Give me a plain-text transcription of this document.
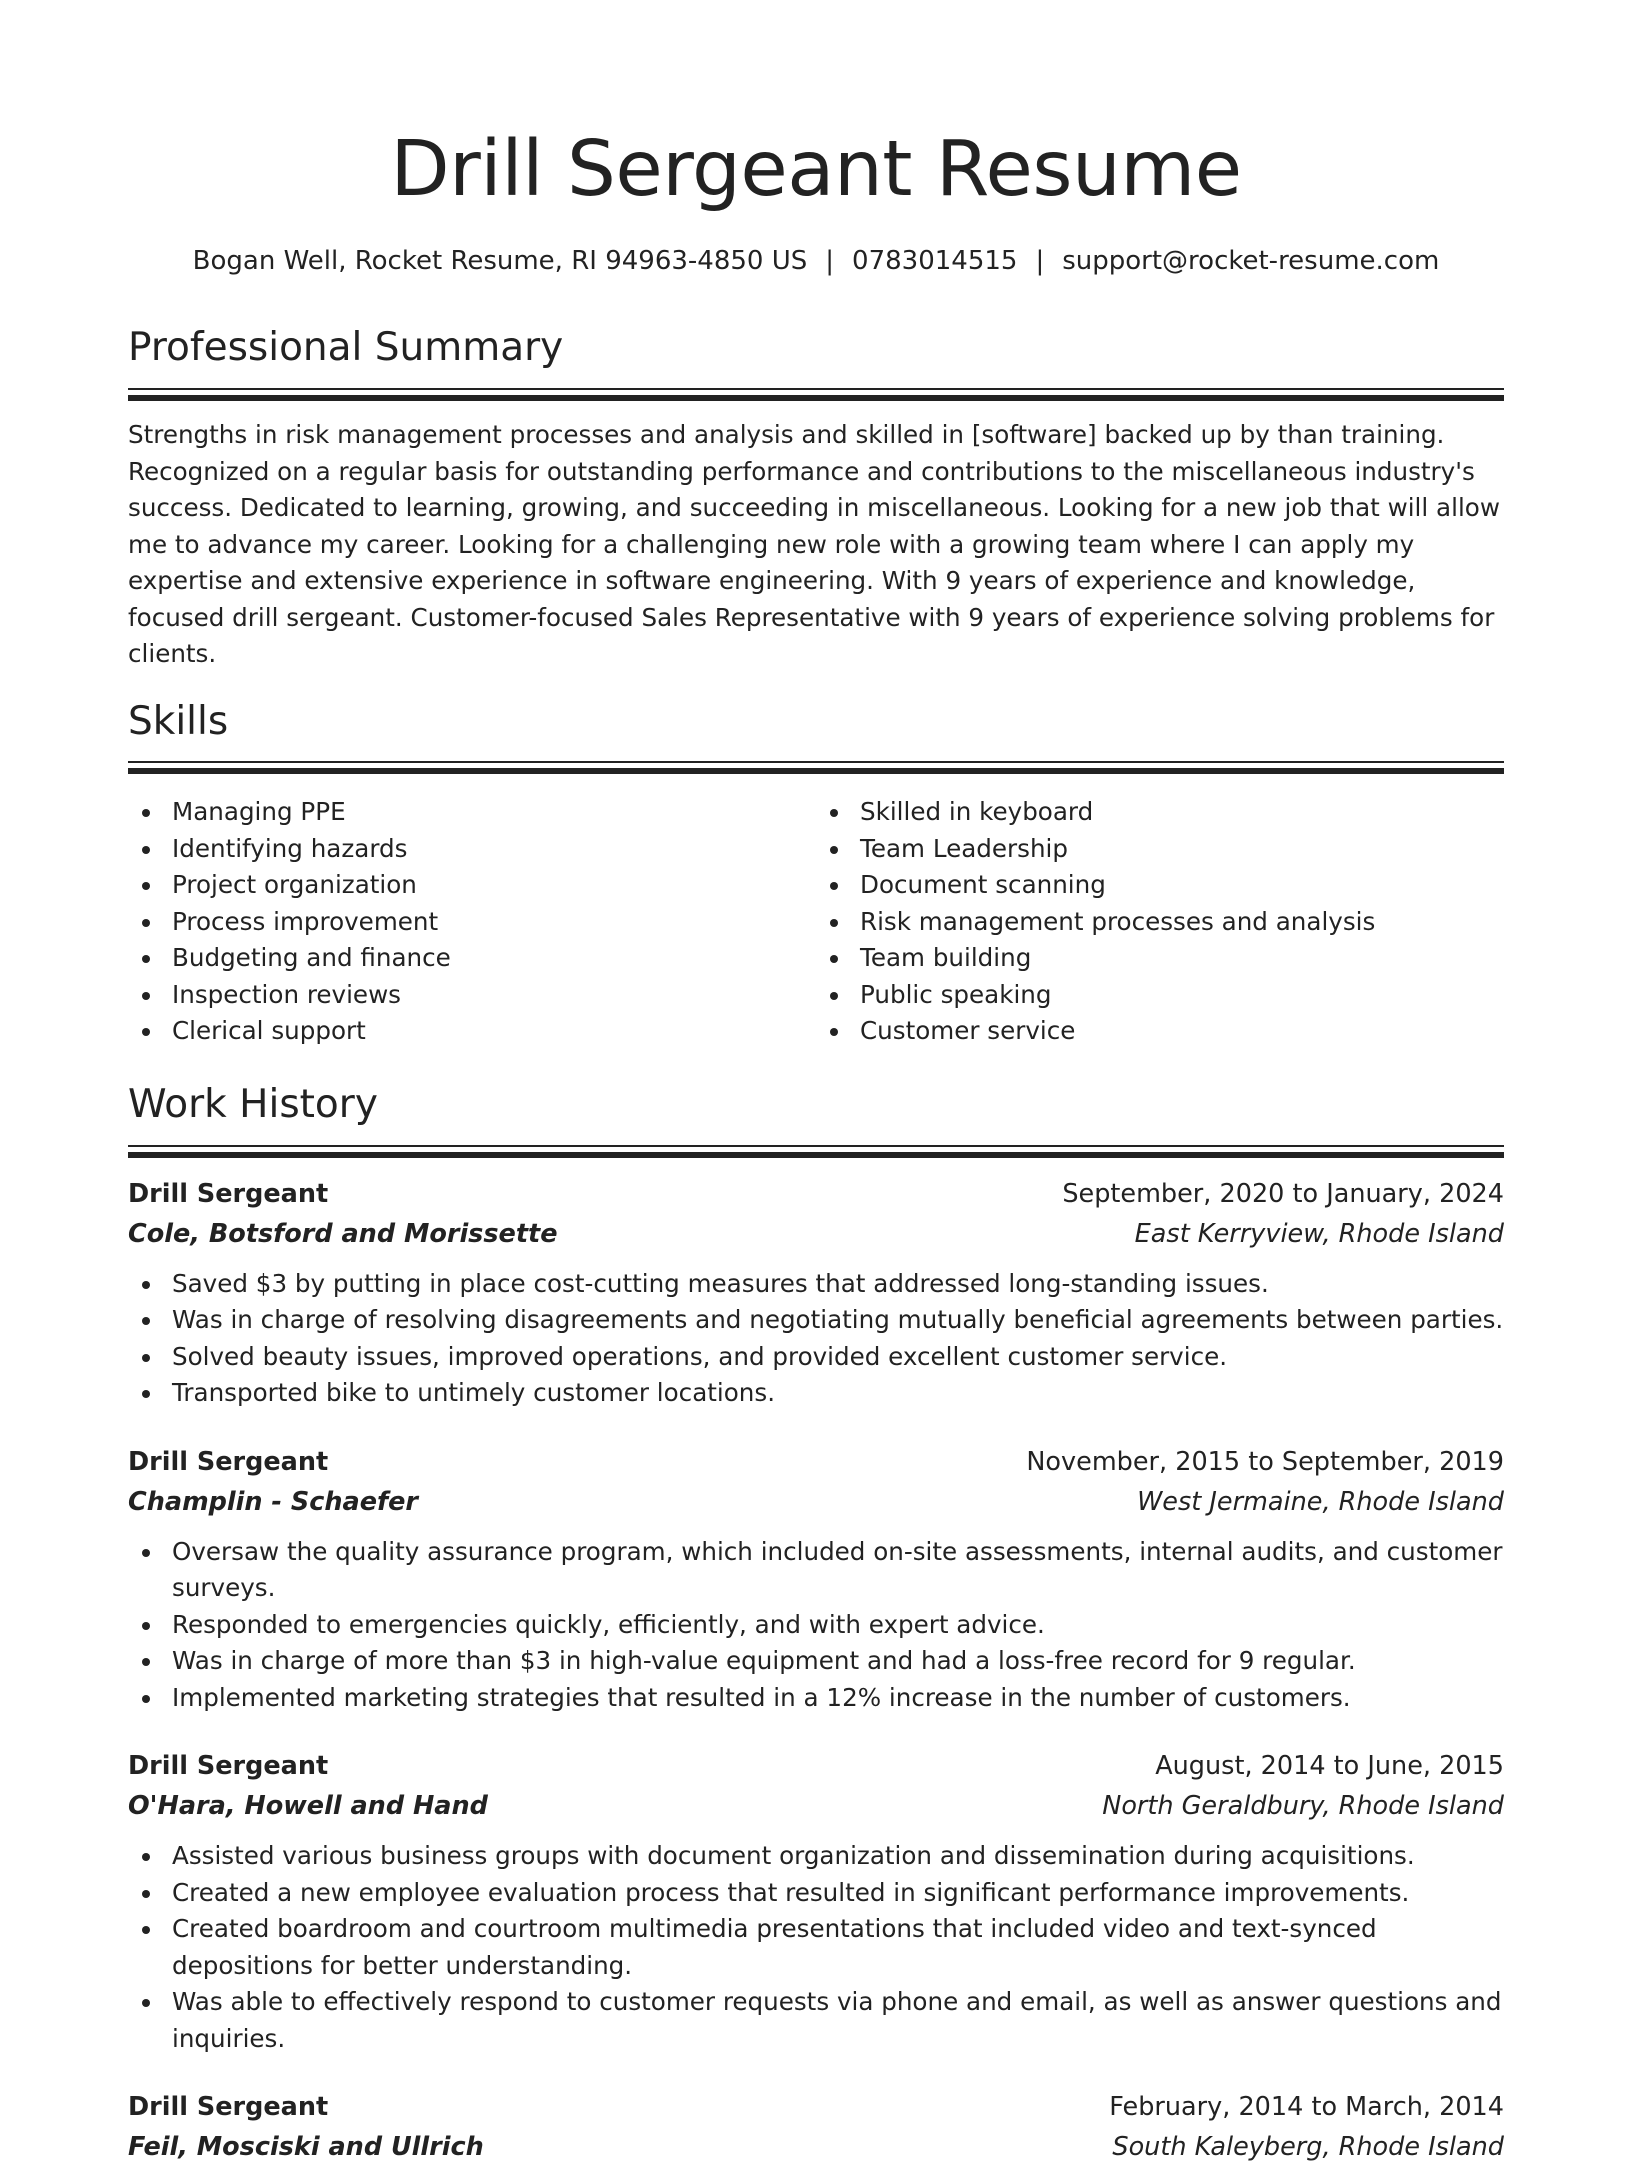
Drill Sergeant Resume
Bogan Well, Rocket Resume, RI 94963-4850 US | 0783014515 | support@rocket-resume.com
Professional Summary

Strengths in risk management processes and analysis and skilled in [software] backed up by than training. Recognized on a regular basis for outstanding performance and contributions to the miscellaneous industry's success. Dedicated to learning, growing, and succeeding in miscellaneous. Looking for a new job that will allow me to advance my career. Looking for a challenging new role with a growing team where I can apply my expertise and extensive experience in software engineering. With 9 years of experience and knowledge, focused drill sergeant. Customer-focused Sales Representative with 9 years of experience solving problems for clients.

Skills
Managing PPE
Identifying hazards
Project organization
Process improvement
Budgeting and finance
Inspection reviews
Clerical support
Skilled in keyboard
Team Leadership
Document scanning
Risk management processes and analysis
Team building
Public speaking
Customer service
Work History
Drill Sergeant	September, 2020 to January, 2024
Cole, Botsford and Morissette	East Kerryview, Rhode Island
Saved $3 by putting in place cost-cutting measures that addressed long-standing issues.
Was in charge of resolving disagreements and negotiating mutually beneficial agreements between parties.
Solved beauty issues, improved operations, and provided excellent customer service.
Transported bike to untimely customer locations.
Drill Sergeant	November, 2015 to September, 2019
Champlin - Schaefer	West Jermaine, Rhode Island
Oversaw the quality assurance program, which included on-site assessments, internal audits, and customer surveys.
Responded to emergencies quickly, efficiently, and with expert advice.
Was in charge of more than $3 in high-value equipment and had a loss-free record for 9 regular.
Implemented marketing strategies that resulted in a 12% increase in the number of customers.
Drill Sergeant	August, 2014 to June, 2015
O'Hara, Howell and Hand	North Geraldbury, Rhode Island
Assisted various business groups with document organization and dissemination during acquisitions.
Created a new employee evaluation process that resulted in significant performance improvements.
Created boardroom and courtroom multimedia presentations that included video and text-synced depositions for better understanding.
Was able to effectively respond to customer requests via phone and email, as well as answer questions and inquiries.
Drill Sergeant	February, 2014 to March, 2014
Feil, Mosciski and Ullrich	South Kaleyberg, Rhode Island
